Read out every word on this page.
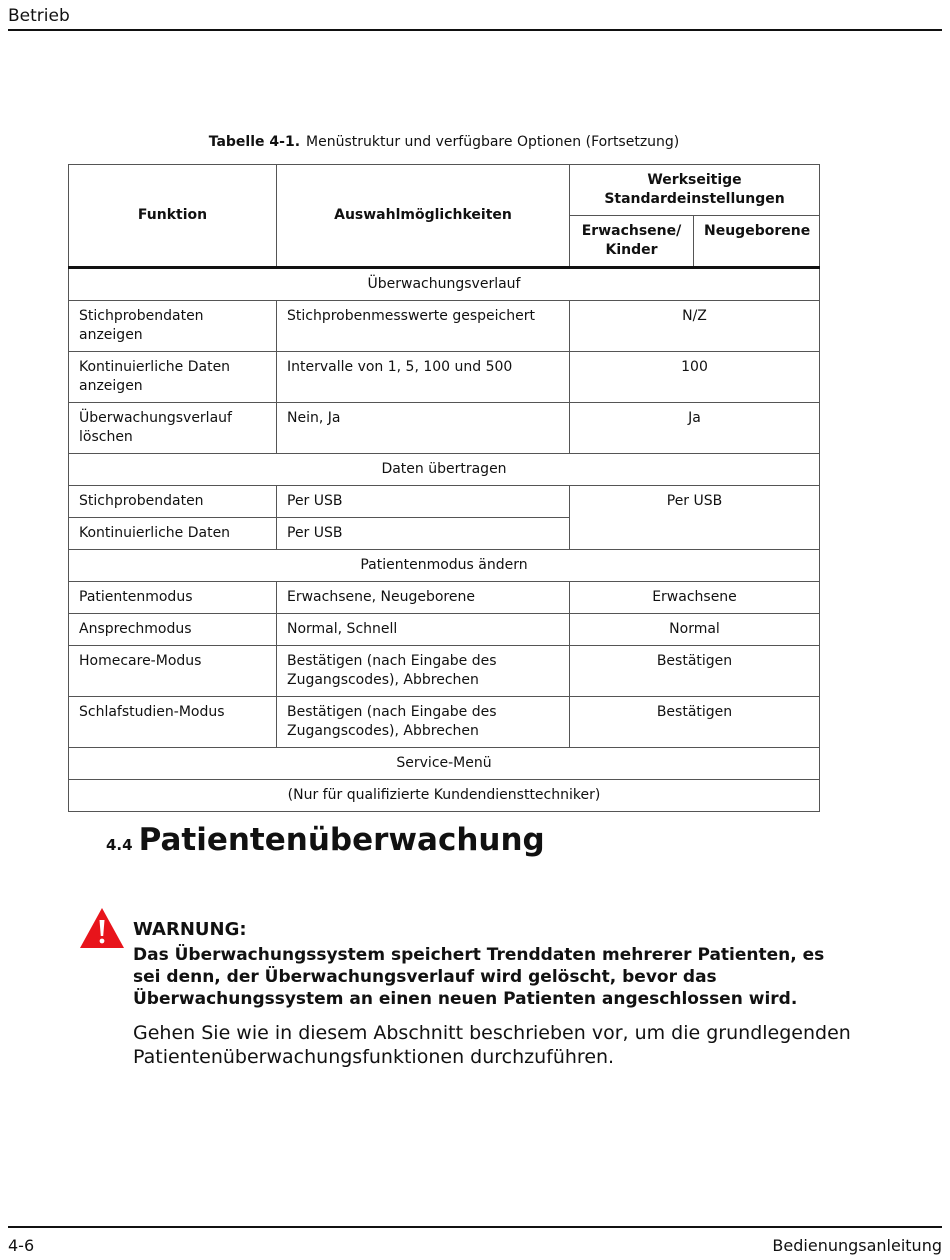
Betrieb
Tabelle 4-1. Menüstruktur und verfügbare Optionen (Fortsetzung)
Funktion	Auswahlmöglichkeiten	Werkseitige Standardeinstellungen	
		Erwachsene/ Kinder	Neugeborene
Überwachungsverlauf			
Stichprobendaten anzeigen	Stichprobenmesswerte gespeichert	N/Z	
Kontinuierliche Daten anzeigen	Intervalle von 1, 5, 100 und 500	100	
Überwachungsverlauf löschen	Nein, Ja	Ja	
Daten übertragen			
Stichprobendaten	Per USB	Per USB	
Kontinuierliche Daten	Per USB		
Patientenmodus ändern			
Patientenmodus	Erwachsene, Neugeborene	Erwachsene	
Ansprechmodus	Normal, Schnell	Normal	
Homecare-Modus	Bestätigen (nach Eingabe des Zugangscodes), Abbrechen	Bestätigen	
Schlafstudien-Modus	Bestätigen (nach Eingabe des Zugangscodes), Abbrechen	Bestätigen	
Service-Menü			
(Nur für qualifizierte Kundendiensttechniker)			
4.4 Patientenüberwachung
WARNUNG:
Das Überwachungssystem speichert Trenddaten mehrerer Patienten, es sei denn, der Überwachungsverlauf wird gelöscht, bevor das Überwachungssystem an einen neuen Patienten angeschlossen wird.
Gehen Sie wie in diesem Abschnitt beschrieben vor, um die grundlegenden Patientenüberwachungsfunktionen durchzuführen.
4-6	Bedienungsanleitung
